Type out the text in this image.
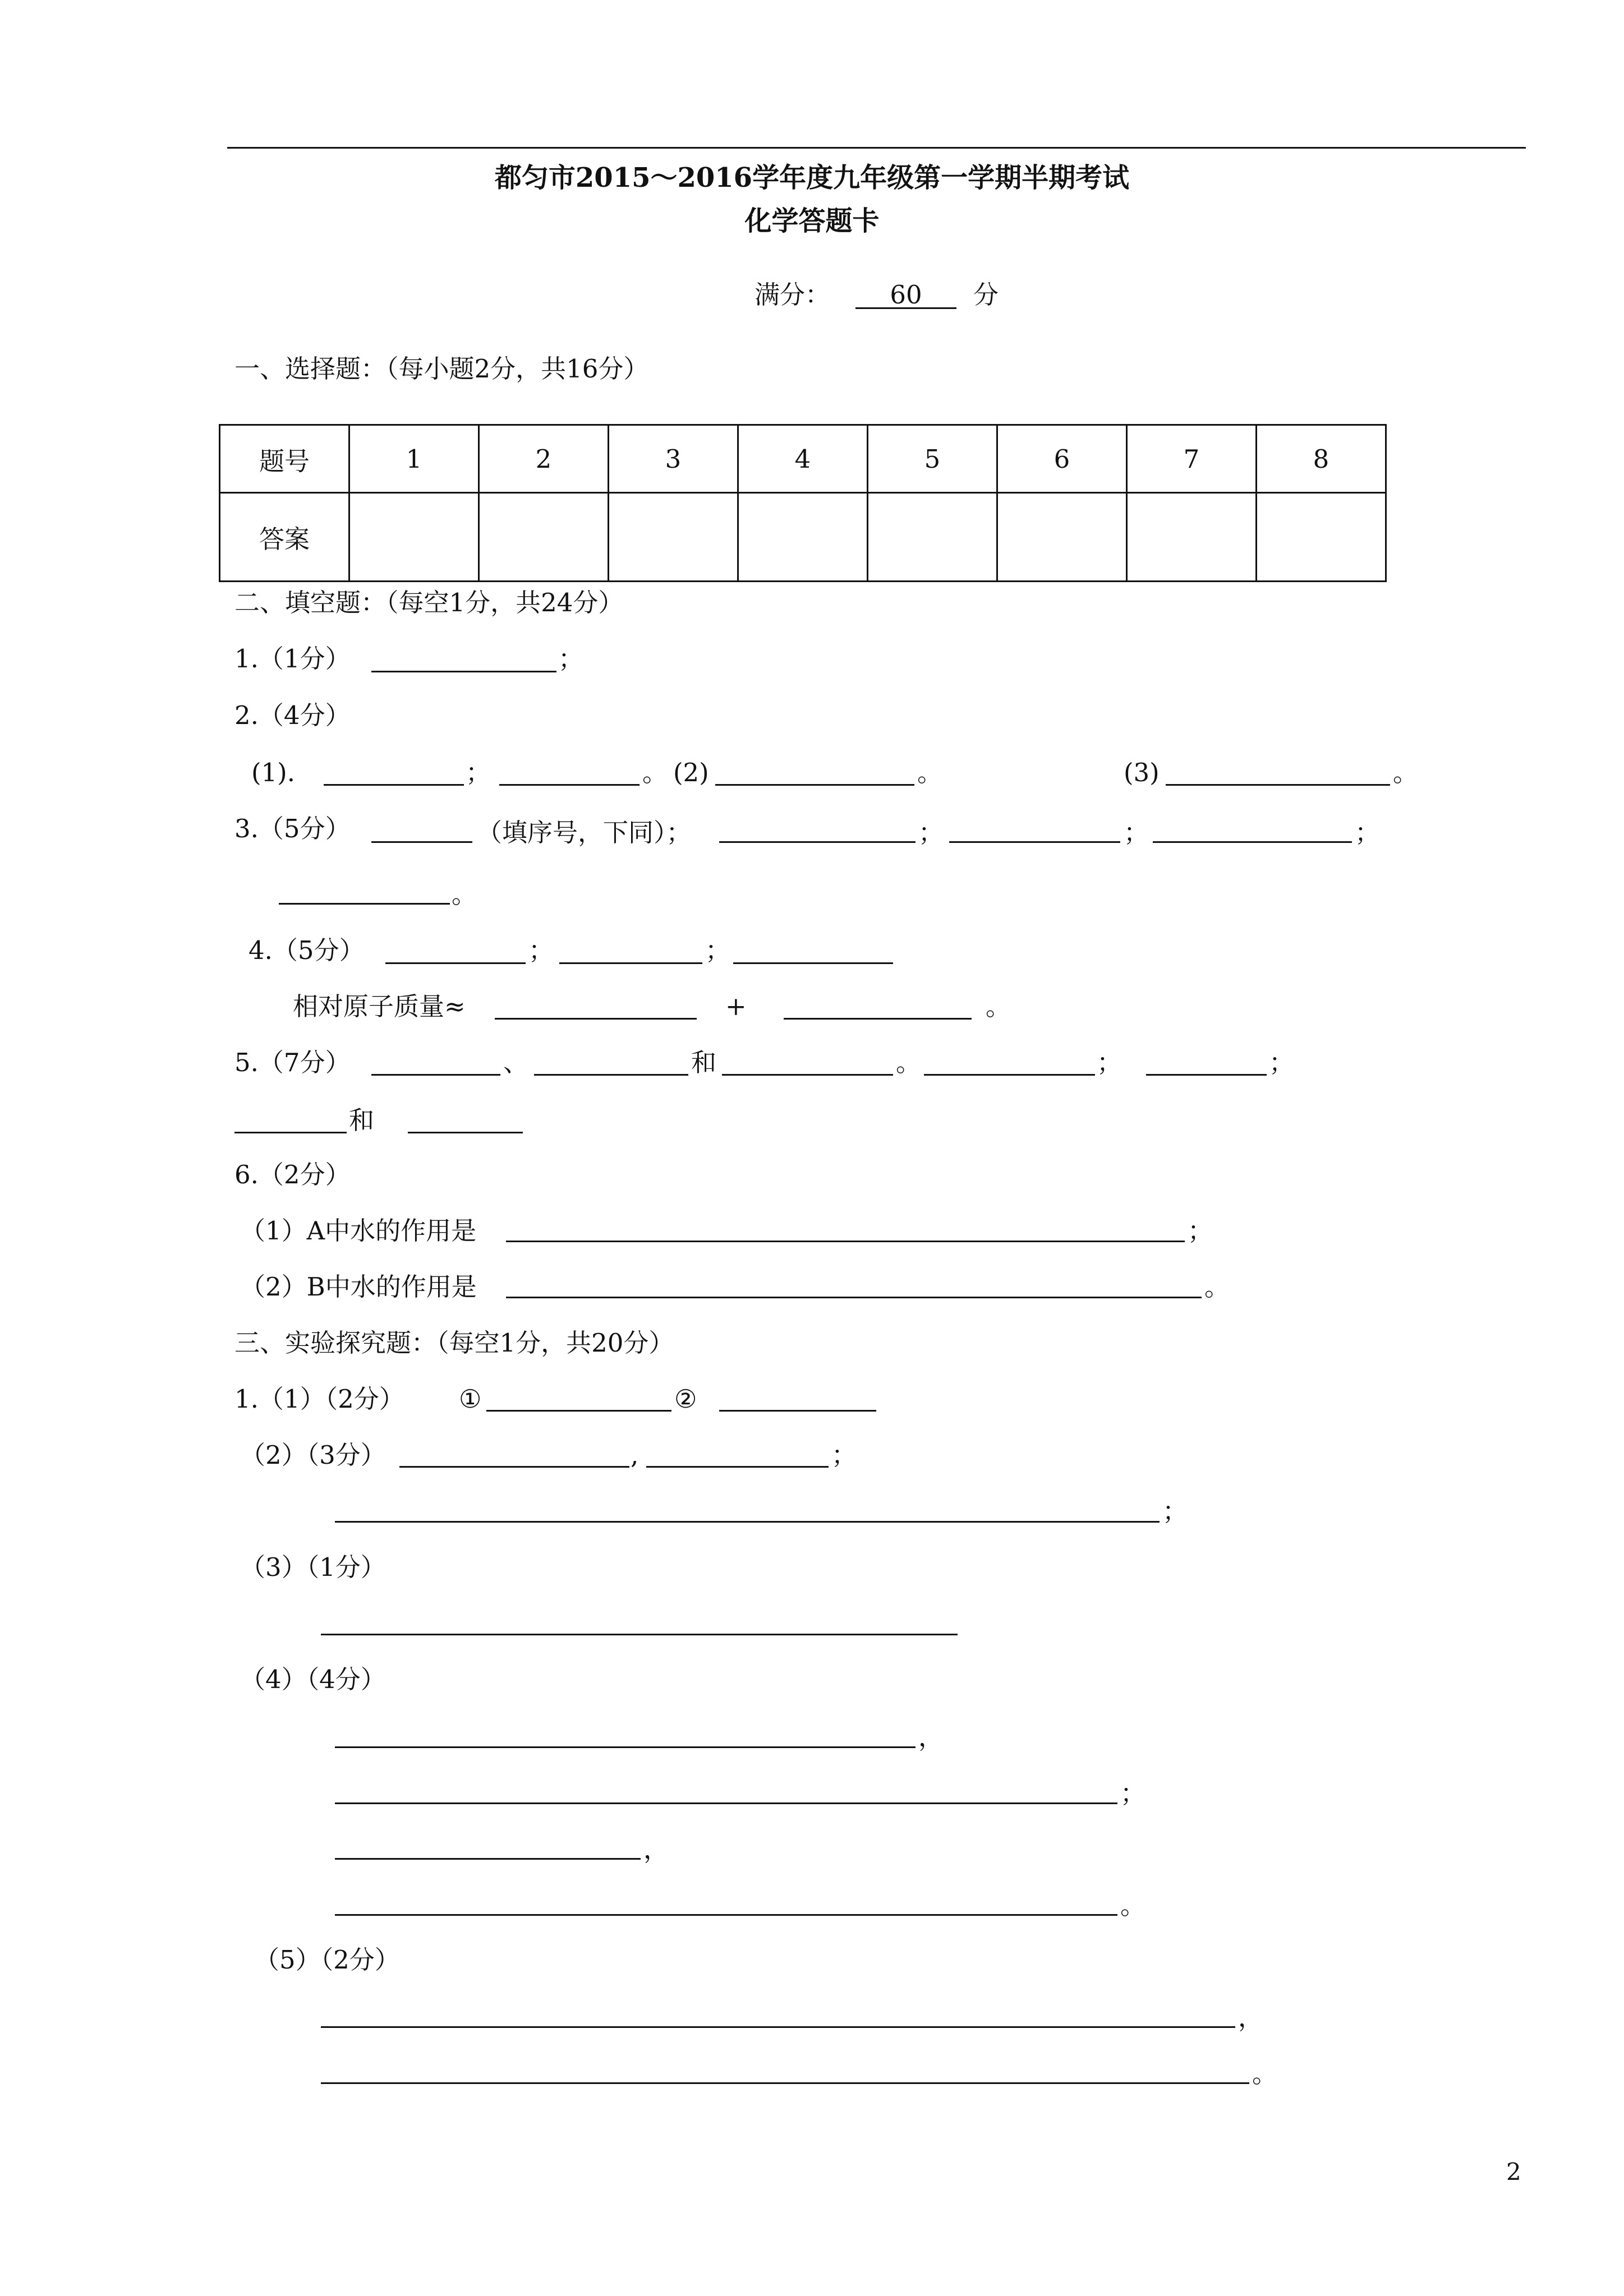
都匀市2015～2016学年度九年级第一学期半期考试
化学答题卡
满分：	60	分
一、选择题：（每小题2分，共16分）
题号	1	2	3	4	5	6	7	8
答案								
二、填空题：（每空1分，共24分）
1.（1分）	；
2.（4分）
(1).	；	。 (2)	。	(3)	。
3.（5分）	（填序号，下同）；	；	；	；
。
4.（5分）	；	；
相对原子质量≈	+	。
5.（7分）	、	和	。	；	；
和
6.（2分）
（1）A中水的作用是	；
（2）B中水的作用是	。
三、实验探究题：（每空1分，共20分）
1.（1）（2分） ①	②
（2）（3分）	,	；
；
（3）（1分）
（4）（4分）
，
；
，
。
（5）（2分）
，
。
2
